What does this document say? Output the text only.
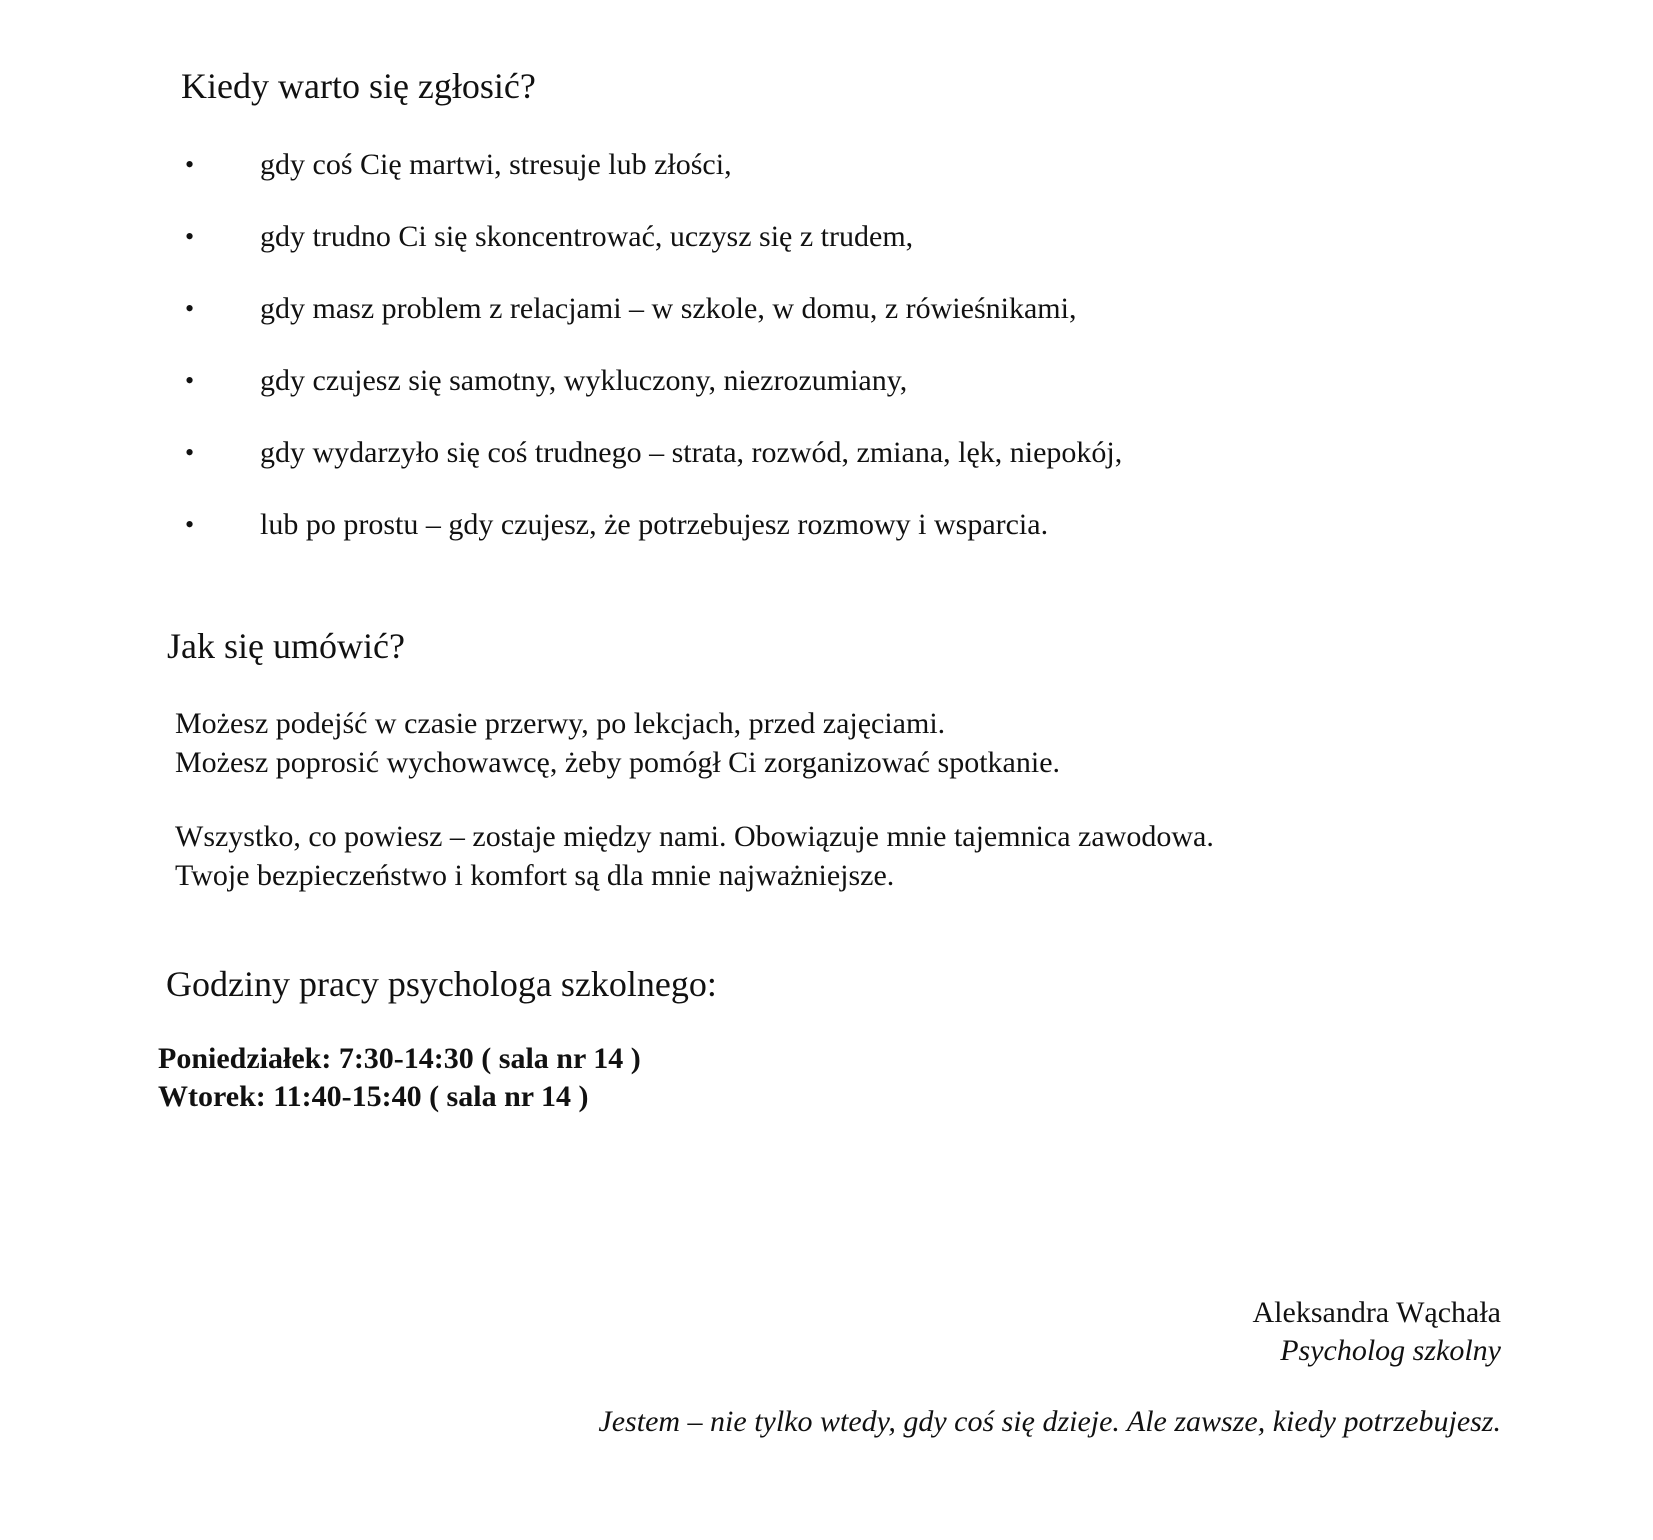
Kiedy warto się zgłosić?
•	gdy coś Cię martwi, stresuje lub złości,
•	gdy trudno Ci się skoncentrować, uczysz się z trudem,
•	gdy masz problem z relacjami – w szkole, w domu, z rówieśnikami,
•	gdy czujesz się samotny, wykluczony, niezrozumiany,
•	gdy wydarzyło się coś trudnego – strata, rozwód, zmiana, lęk, niepokój,
•	lub po prostu – gdy czujesz, że potrzebujesz rozmowy i wsparcia.
Jak się umówić?

Możesz podejść w czasie przerwy, po lekcjach, przed zajęciami.

Możesz poprosić wychowawcę, żeby pomógł Ci zorganizować spotkanie.

Wszystko, co powiesz – zostaje między nami. Obowiązuje mnie tajemnica zawodowa.

Twoje bezpieczeństwo i komfort są dla mnie najważniejsze.

Godziny pracy psychologa szkolnego:
Poniedziałek: 7:30-14:30 ( sala nr 14 )
Wtorek: 11:40-15:40 ( sala nr 14 )
Aleksandra Wąchała
Psycholog szkolny
Jestem – nie tylko wtedy, gdy coś się dzieje. Ale zawsze, kiedy potrzebujesz.
